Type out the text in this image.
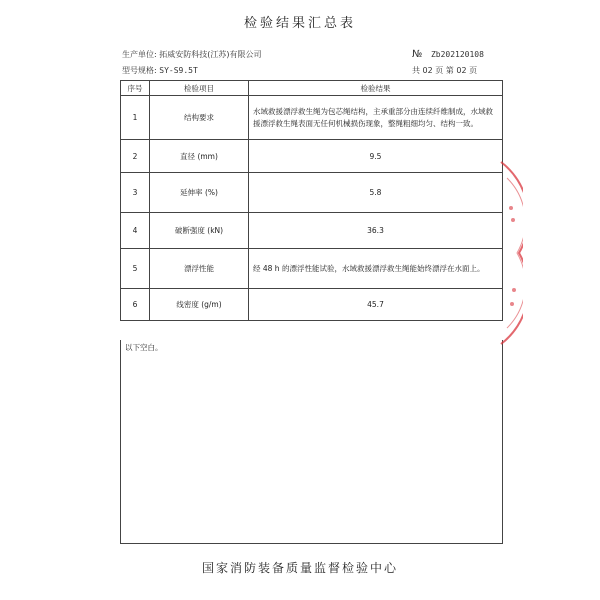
检验结果汇总表
生产单位: 拓威安防科技(江苏)有限公司
型号规格: SY-S9.5T
№ Zb202120108
共 02 页 第 02 页
序号	检验项目	检验结果
1	结构要求	水域救援漂浮救生绳为包芯绳结构，主承重部分由连续纤维制成，水域救援漂浮救生绳表面无任何机械损伤现象，整绳粗细均匀、结构一致。
2	直径 (mm)	9.5
3	延伸率 (%)	5.8
4	破断强度 (kN)	36.3
5	漂浮性能	经 48 h 的漂浮性能试验，水域救援漂浮救生绳能始终漂浮在水面上。
6	线密度 (g/m)	45.7
以下空白。
国家消防装备质量监督检验中心
